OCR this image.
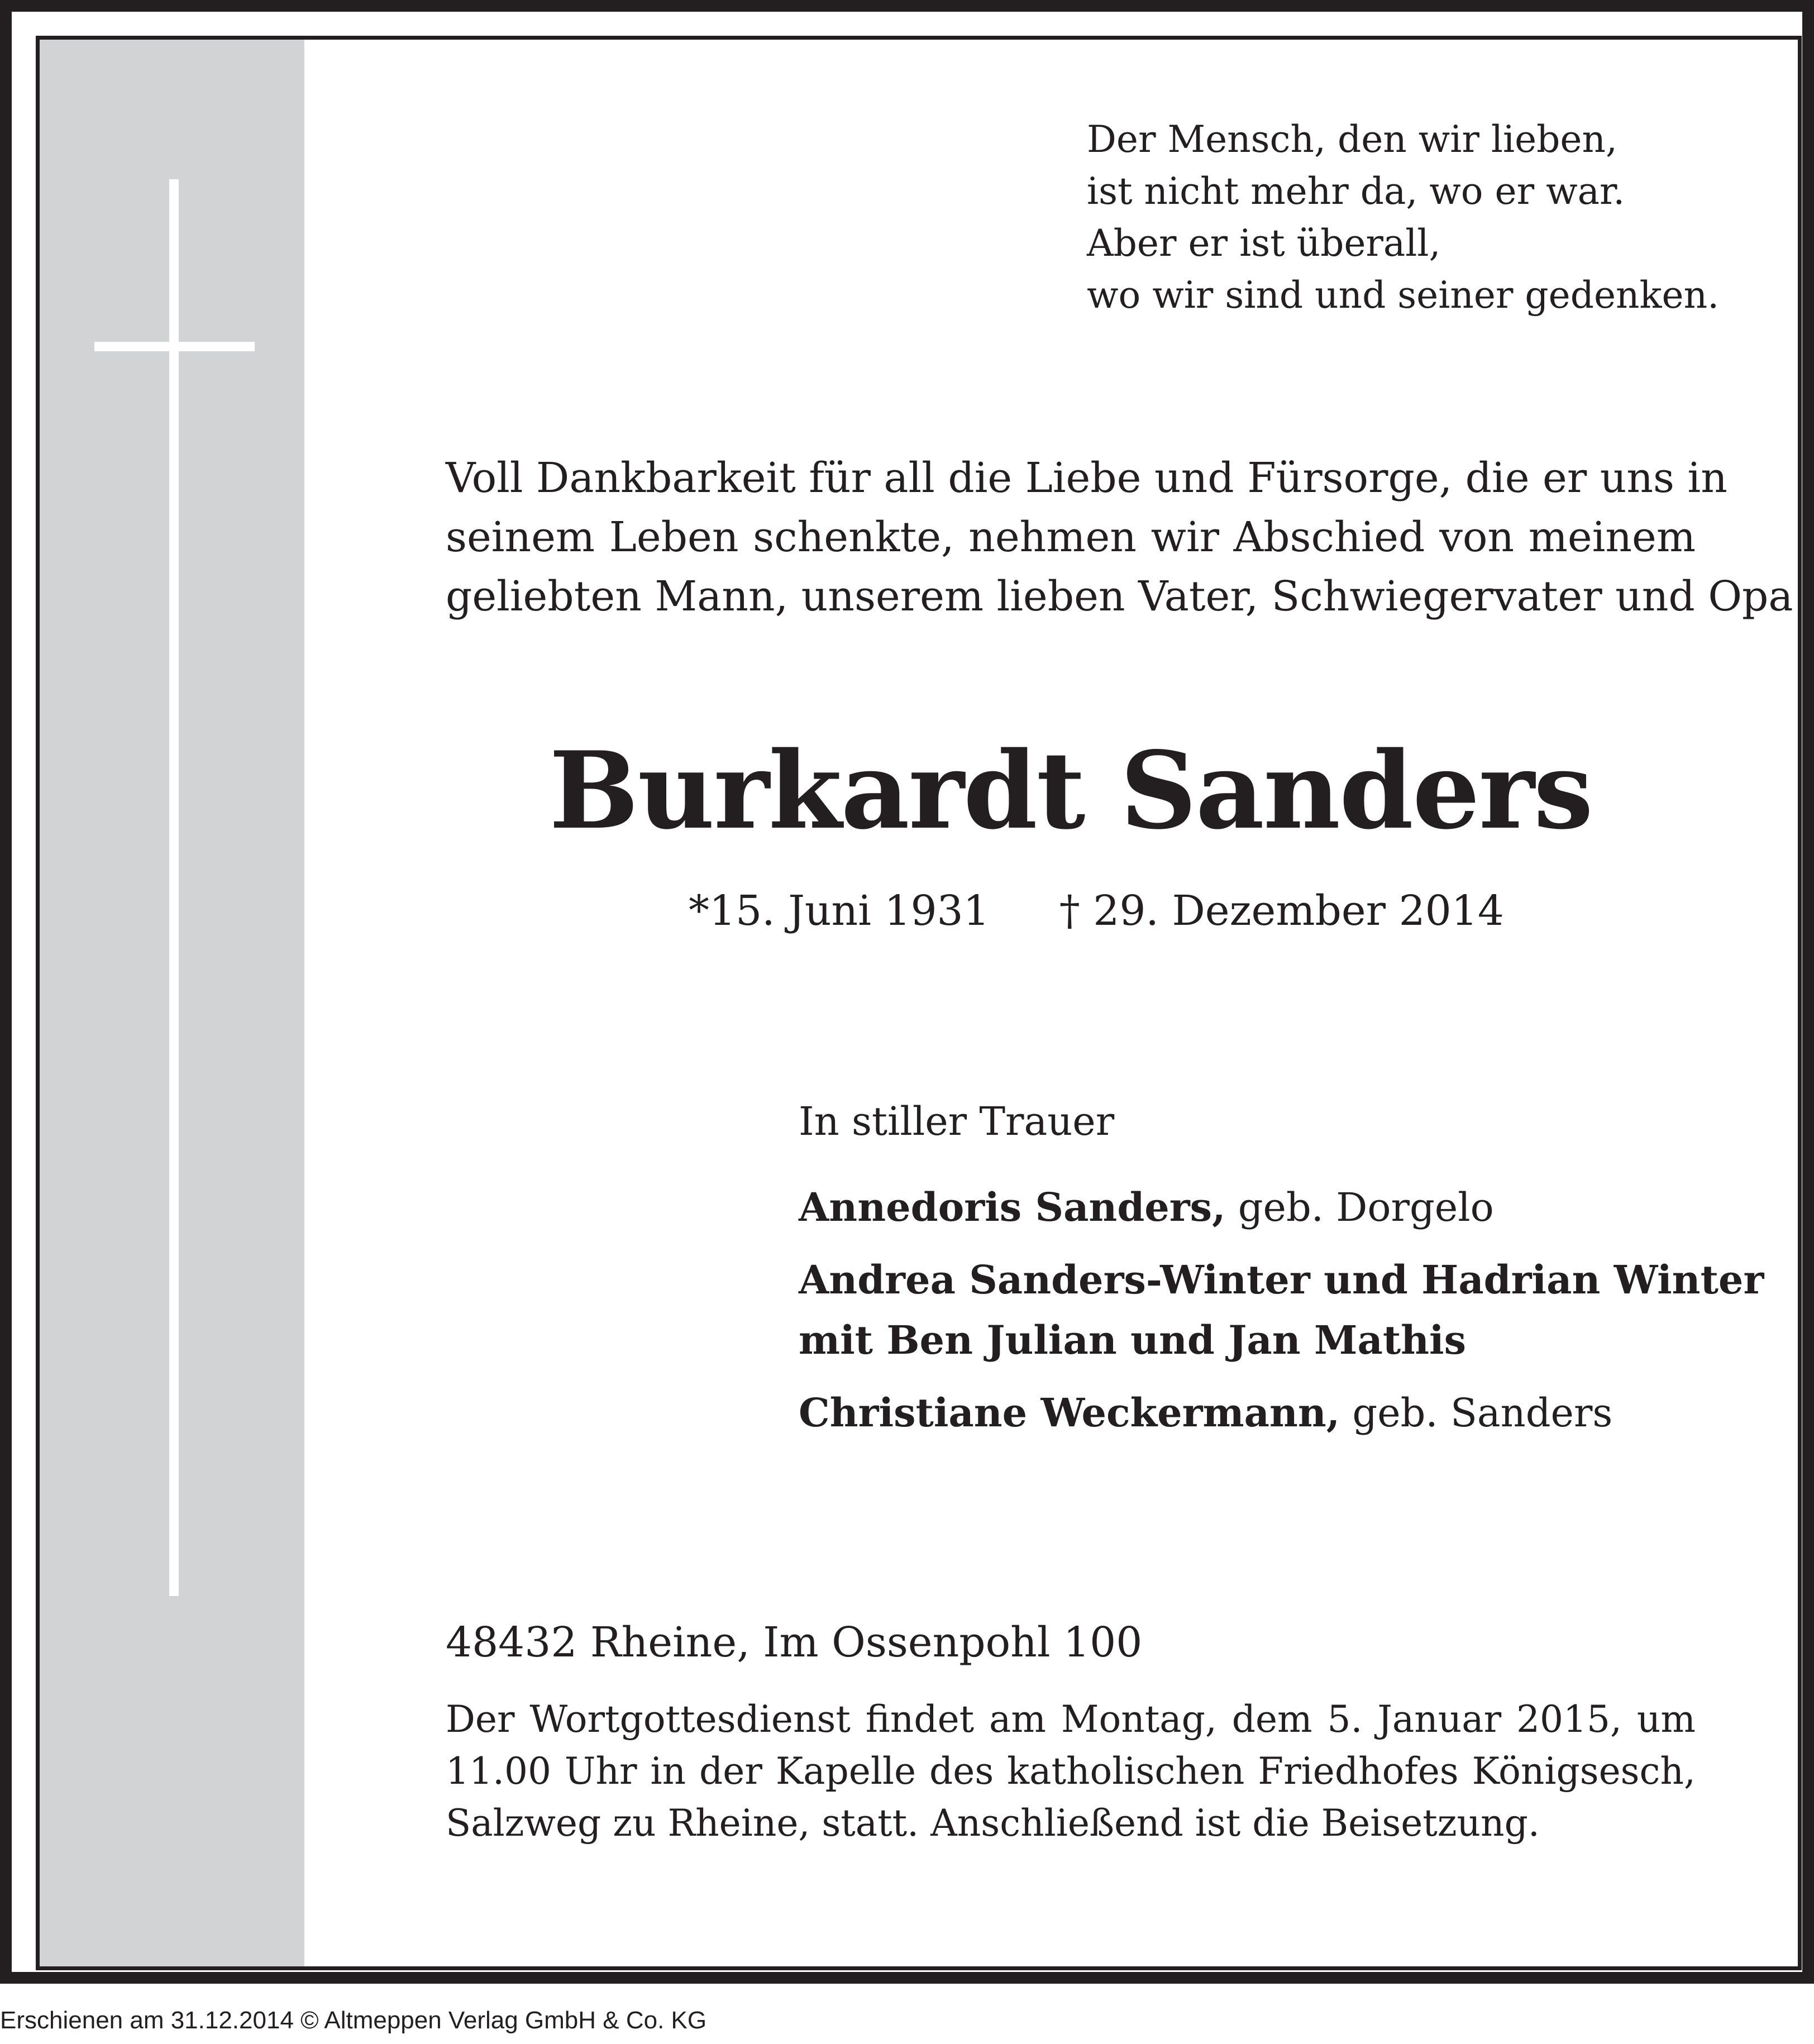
Der Mensch, den wir lieben,
ist nicht mehr da, wo er war.
Aber er ist überall,
wo wir sind und seiner gedenken.
Voll Dankbarkeit für all die Liebe und Fürsorge, die er uns in
seinem Leben schenkte, nehmen wir Abschied von meinem
geliebten Mann, unserem lieben Vater, Schwiegervater und Opa
Burkardt Sanders
*15. Juni 1931 † 29. Dezember 2014
In stiller Trauer
Annedoris Sanders, geb. Dorgelo
Andrea Sanders-Winter und Hadrian Winter
mit Ben Julian und Jan Mathis
Christiane Weckermann, geb. Sanders
48432 Rheine, Im Ossenpohl 100
Der Wortgottesdienst findet am Montag, dem 5. Januar 2015, um
11.00 Uhr in der Kapelle des katholischen Friedhofes Königsesch,
Salzweg zu Rheine, statt. Anschließend ist die Beisetzung.
Erschienen am 31.12.2014 © Altmeppen Verlag GmbH & Co. KG
